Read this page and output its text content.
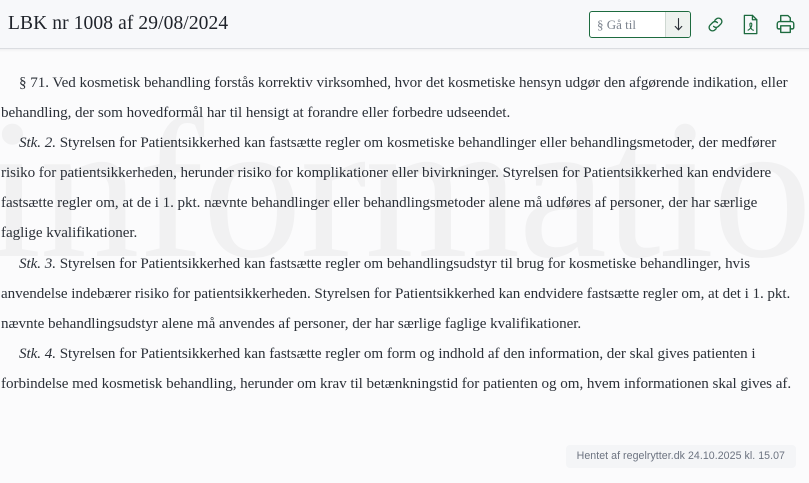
LBK nr 1008 af 29/08/2024
§ Gå til

§ 71. Ved kosmetisk behandling forstås korrektiv virksomhed, hvor det kosmetiske hensyn udgør den afgørende indikation, eller behandling, der som hovedformål har til hensigt at forandre eller forbedre udseendet.

Stk. 2. Styrelsen for Patientsikkerhed kan fastsætte regler om kosmetiske behandlinger eller behandlingsmetoder, der medfører risiko for patientsikkerheden, herunder risiko for komplikationer eller bivirkninger. Styrelsen for Patientsikkerhed kan endvidere fastsætte regler om, at de i 1. pkt. nævnte behandlinger eller behandlingsmetoder alene må udføres af personer, der har særlige faglige kvalifikationer.

Stk. 3. Styrelsen for Patientsikkerhed kan fastsætte regler om behandlingsudstyr til brug for kosmetiske behandlinger, hvis anvendelse indebærer risiko for patientsikkerheden. Styrelsen for Patientsikkerhed kan endvidere fastsætte regler om, at det i 1. pkt. nævnte behandlingsudstyr alene må anvendes af personer, der har særlige faglige kvalifikationer.

Stk. 4. Styrelsen for Patientsikkerhed kan fastsætte regler om form og indhold af den information, der skal gives patienten i forbindelse med kosmetisk behandling, herunder om krav til betænkningstid for patienten og om, hvem informationen skal gives af.

Hentet af regelrytter.dk 24.10.2025 kl. 15.07
